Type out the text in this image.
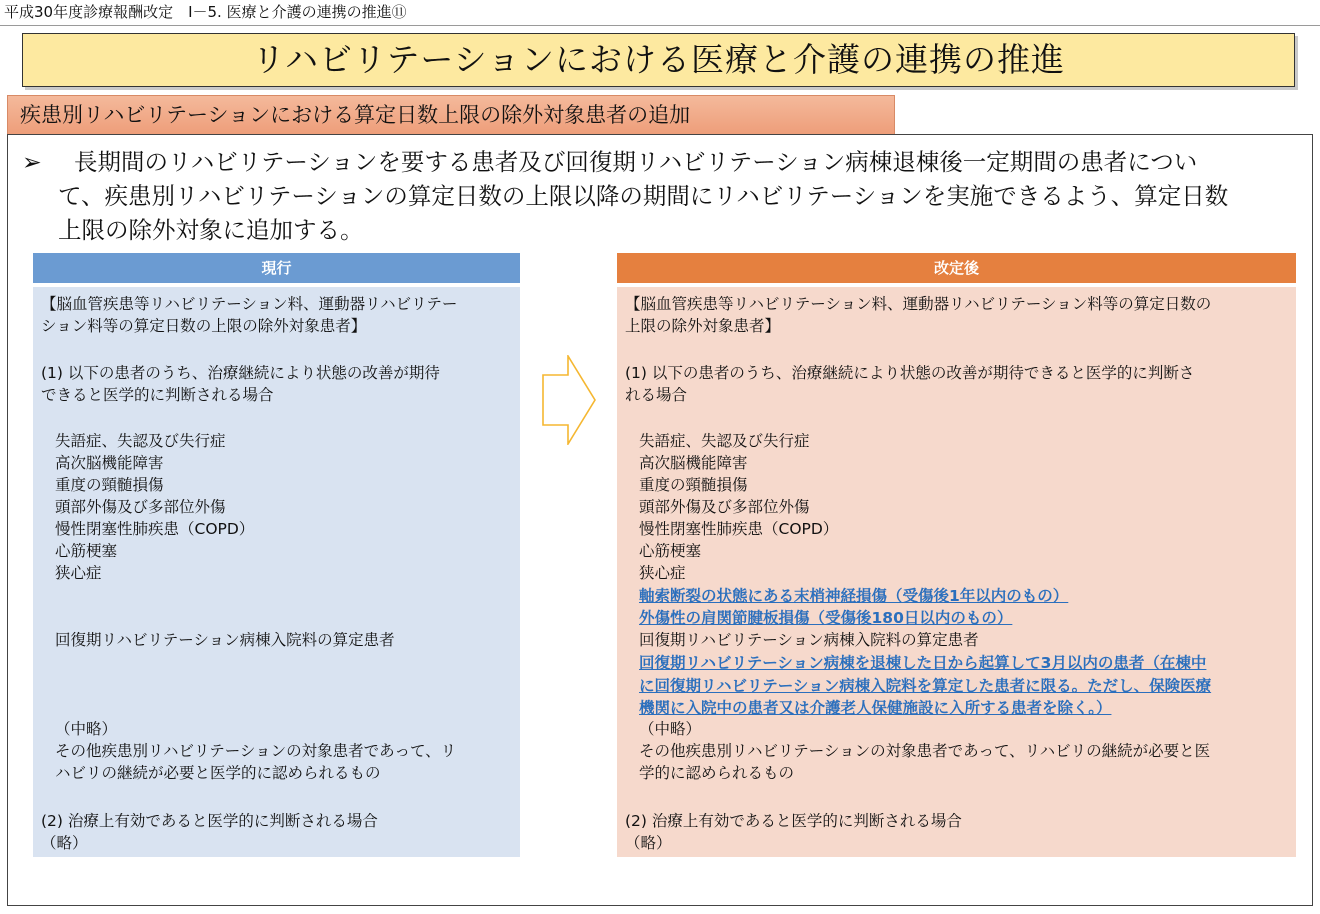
平成30年度診療報酬改定　Ⅰ－5. 医療と介護の連携の推進⑪
リハビリテーションにおける医療と介護の連携の推進
疾患別リハビリテーションにおける算定日数上限の除外対象患者の追加
➢ 長期間のリハビリテーションを要する患者及び回復期リハビリテーション病棟退棟後一定期間の患者につい
て、疾患別リハビリテーションの算定日数の上限以降の期間にリハビリテーションを実施できるよう、算定日数
上限の除外対象に追加する。
現行
【脳血管疾患等リハビリテーション料、運動器リハビリテー
ション料等の算定日数の上限の除外対象患者】
(1) 以下の患者のうち、治療継続により状態の改善が期待
できると医学的に判断される場合
失語症、失認及び失行症
高次脳機能障害
重度の頸髄損傷
頭部外傷及び多部位外傷
慢性閉塞性肺疾患（COPD）
心筋梗塞
狭心症
回復期リハビリテーション病棟入院料の算定患者
（中略）
その他疾患別リハビリテーションの対象患者であって、リ
ハビリの継続が必要と医学的に認められるもの
(2) 治療上有効であると医学的に判断される場合
（略）
改定後
【脳血管疾患等リハビリテーション料、運動器リハビリテーション料等の算定日数の
上限の除外対象患者】
(1) 以下の患者のうち、治療継続により状態の改善が期待できると医学的に判断さ
れる場合
失語症、失認及び失行症
高次脳機能障害
重度の頸髄損傷
頭部外傷及び多部位外傷
慢性閉塞性肺疾患（COPD）
心筋梗塞
狭心症
軸索断裂の状態にある末梢神経損傷（受傷後1年以内のもの）
外傷性の肩関節腱板損傷（受傷後180日以内のもの）
回復期リハビリテーション病棟入院料の算定患者
回復期リハビリテーション病棟を退棟した日から起算して3月以内の患者（在棟中
に回復期リハビリテーション病棟入院料を算定した患者に限る。ただし、保険医療
機関に入院中の患者又は介護老人保健施設に入所する患者を除く。）
（中略）
その他疾患別リハビリテーションの対象患者であって、リハビリの継続が必要と医
学的に認められるもの
(2) 治療上有効であると医学的に判断される場合
（略）
